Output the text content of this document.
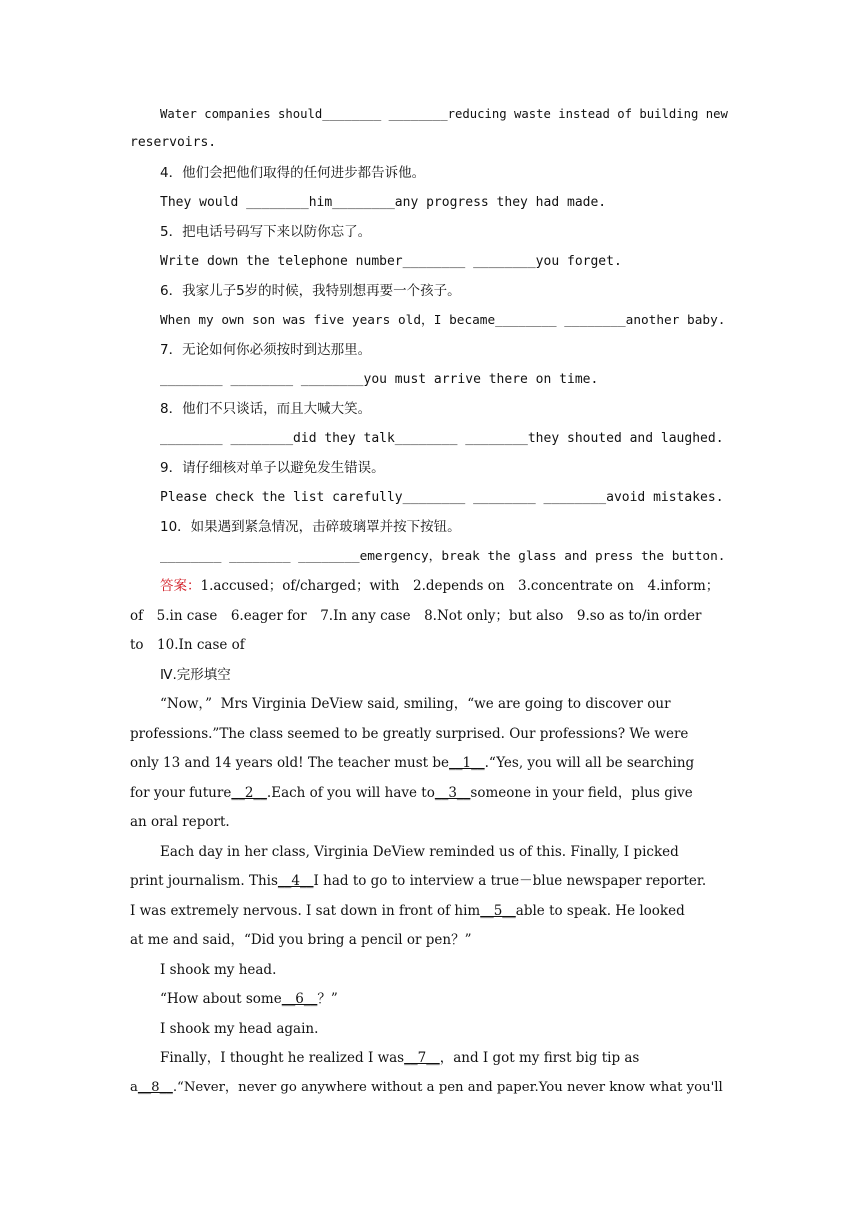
Water companies should________ ________reducing waste instead of building new
reservoirs.
4．他们会把他们取得的任何进步都告诉他。
They would ________him________any progress they had made.
5．把电话号码写下来以防你忘了。
Write down the telephone number________ ________you forget.
6．我家儿子5岁的时候，我特别想再要一个孩子。
When my own son was five years old，I became________ ________another baby.
7．无论如何你必须按时到达那里。
________ ________ ________you must arrive there on time.
8．他们不只谈话，而且大喊大笑。
________ ________did they talk________ ________they shouted and laughed.
9．请仔细核对单子以避免发生错误。
Please check the list carefully________ ________ ________avoid mistakes.
10．如果遇到紧急情况，击碎玻璃罩并按下按钮。
________ ________ ________emergency，break the glass and press the button.
答案：1.accused；of/charged；with　2.depends on　3.concentrate on　4.inform；
of　5.in case　6.eager for　7.In any case　8.Not only；but also　9.so as to/in order
to　10.In case of
Ⅳ.完形填空
“Now，”  Mrs Virginia DeView said, smiling，“we are going to discover our
professions.”The class seemed to be greatly surprised. Our professions? We were
only 13 and 14 years old! The teacher must be__1__.“Yes, you will all be searching
for your future__2__.Each of you will have to__3__someone in your field，plus give
an oral report.
Each day in her class, Virginia DeView reminded us of this. Finally, I picked
print journalism. This__4__I had to go to interview a true－blue newspaper reporter.
I was extremely nervous. I sat down in front of him__5__able to speak. He looked
at me and said，“Did you bring a pencil or pen？”
I shook my head.
“How about some__6__？”
I shook my head again.
Finally，I thought he realized I was__7__，and I got my first big tip as
a__8__.“Never，never go anywhere without a pen and paper.You never know what you'll
